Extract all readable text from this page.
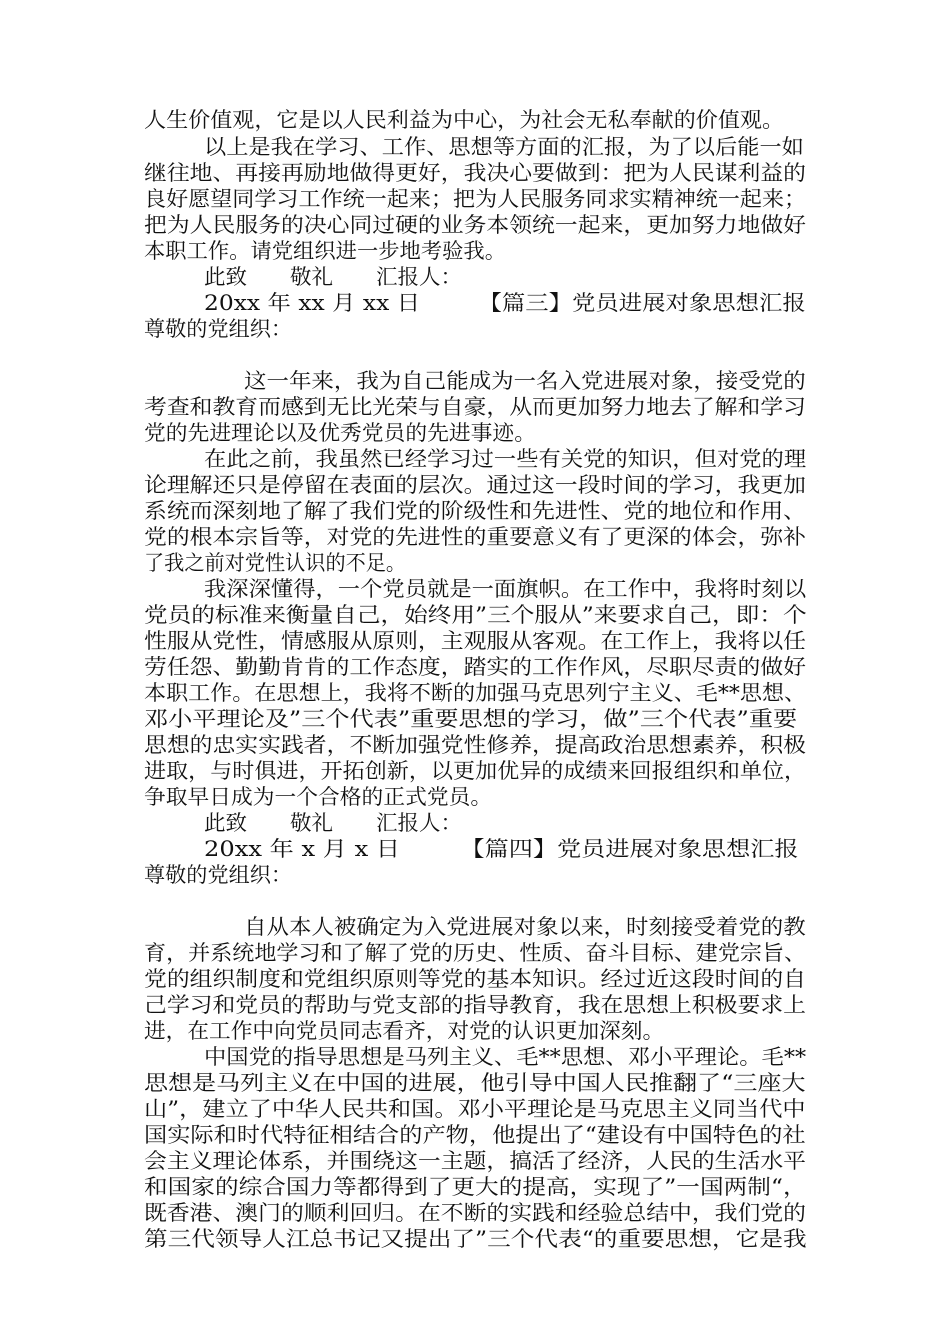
人生价值观，它是以人民利益为中心，为社会无私奉献的价值观。
以上是我在学习、工作、思想等方面的汇报，为了以后能一如
继往地、再接再励地做得更好，我决心要做到：把为人民谋利益的
良好愿望同学习工作统一起来；把为人民服务同求实精神统一起来；
把为人民服务的决心同过硬的业务本领统一起来，更加努力地做好
本职工作。请党组织进一步地考验我。
此致　　敬礼　　汇报人：
20xx 年 xx 月 xx 日　　　【篇三】党员进展对象思想汇报
尊敬的党组织：
这一年来，我为自己能成为一名入党进展对象，接受党的
考查和教育而感到无比光荣与自豪，从而更加努力地去了解和学习
党的先进理论以及优秀党员的先进事迹。
在此之前，我虽然已经学习过一些有关党的知识，但对党的理
论理解还只是停留在表面的层次。通过这一段时间的学习，我更加
系统而深刻地了解了我们党的阶级性和先进性、党的地位和作用、
党的根本宗旨等，对党的先进性的重要意义有了更深的体会，弥补
了我之前对党性认识的不足。
我深深懂得，一个党员就是一面旗帜。在工作中，我将时刻以
党员的标准来衡量自己，始终用”三个服从”来要求自己，即：个
性服从党性，情感服从原则，主观服从客观。在工作上，我将以任
劳任怨、勤勤肯肯的工作态度，踏实的工作作风，尽职尽责的做好
本职工作。在思想上，我将不断的加强马克思列宁主义、毛**思想、
邓小平理论及”三个代表”重要思想的学习，做”三个代表”重要
思想的忠实实践者，不断加强党性修养，提高政治思想素养，积极
进取，与时俱进，开拓创新，以更加优异的成绩来回报组织和单位，
争取早日成为一个合格的正式党员。
此致　　敬礼　　汇报人：
20xx 年 x 月 x 日　　　【篇四】党员进展对象思想汇报
尊敬的党组织：
自从本人被确定为入党进展对象以来，时刻接受着党的教
育，并系统地学习和了解了党的历史、性质、奋斗目标、建党宗旨、
党的组织制度和党组织原则等党的基本知识。经过近这段时间的自
己学习和党员的帮助与党支部的指导教育，我在思想上积极要求上
进，在工作中向党员同志看齐，对党的认识更加深刻。
中国党的指导思想是马列主义、毛**思想、邓小平理论。毛**
思想是马列主义在中国的进展，他引导中国人民推翻了“三座大
山”，建立了中华人民共和国。邓小平理论是马克思主义同当代中
国实际和时代特征相结合的产物，他提出了“建设有中国特色的社
会主义理论体系，并围绕这一主题，搞活了经济，人民的生活水平
和国家的综合国力等都得到了更大的提高，实现了”一国两制“，
既香港、澳门的顺利回归。在不断的实践和经验总结中，我们党的
第三代领导人江总书记又提出了”三个代表“的重要思想，它是我
